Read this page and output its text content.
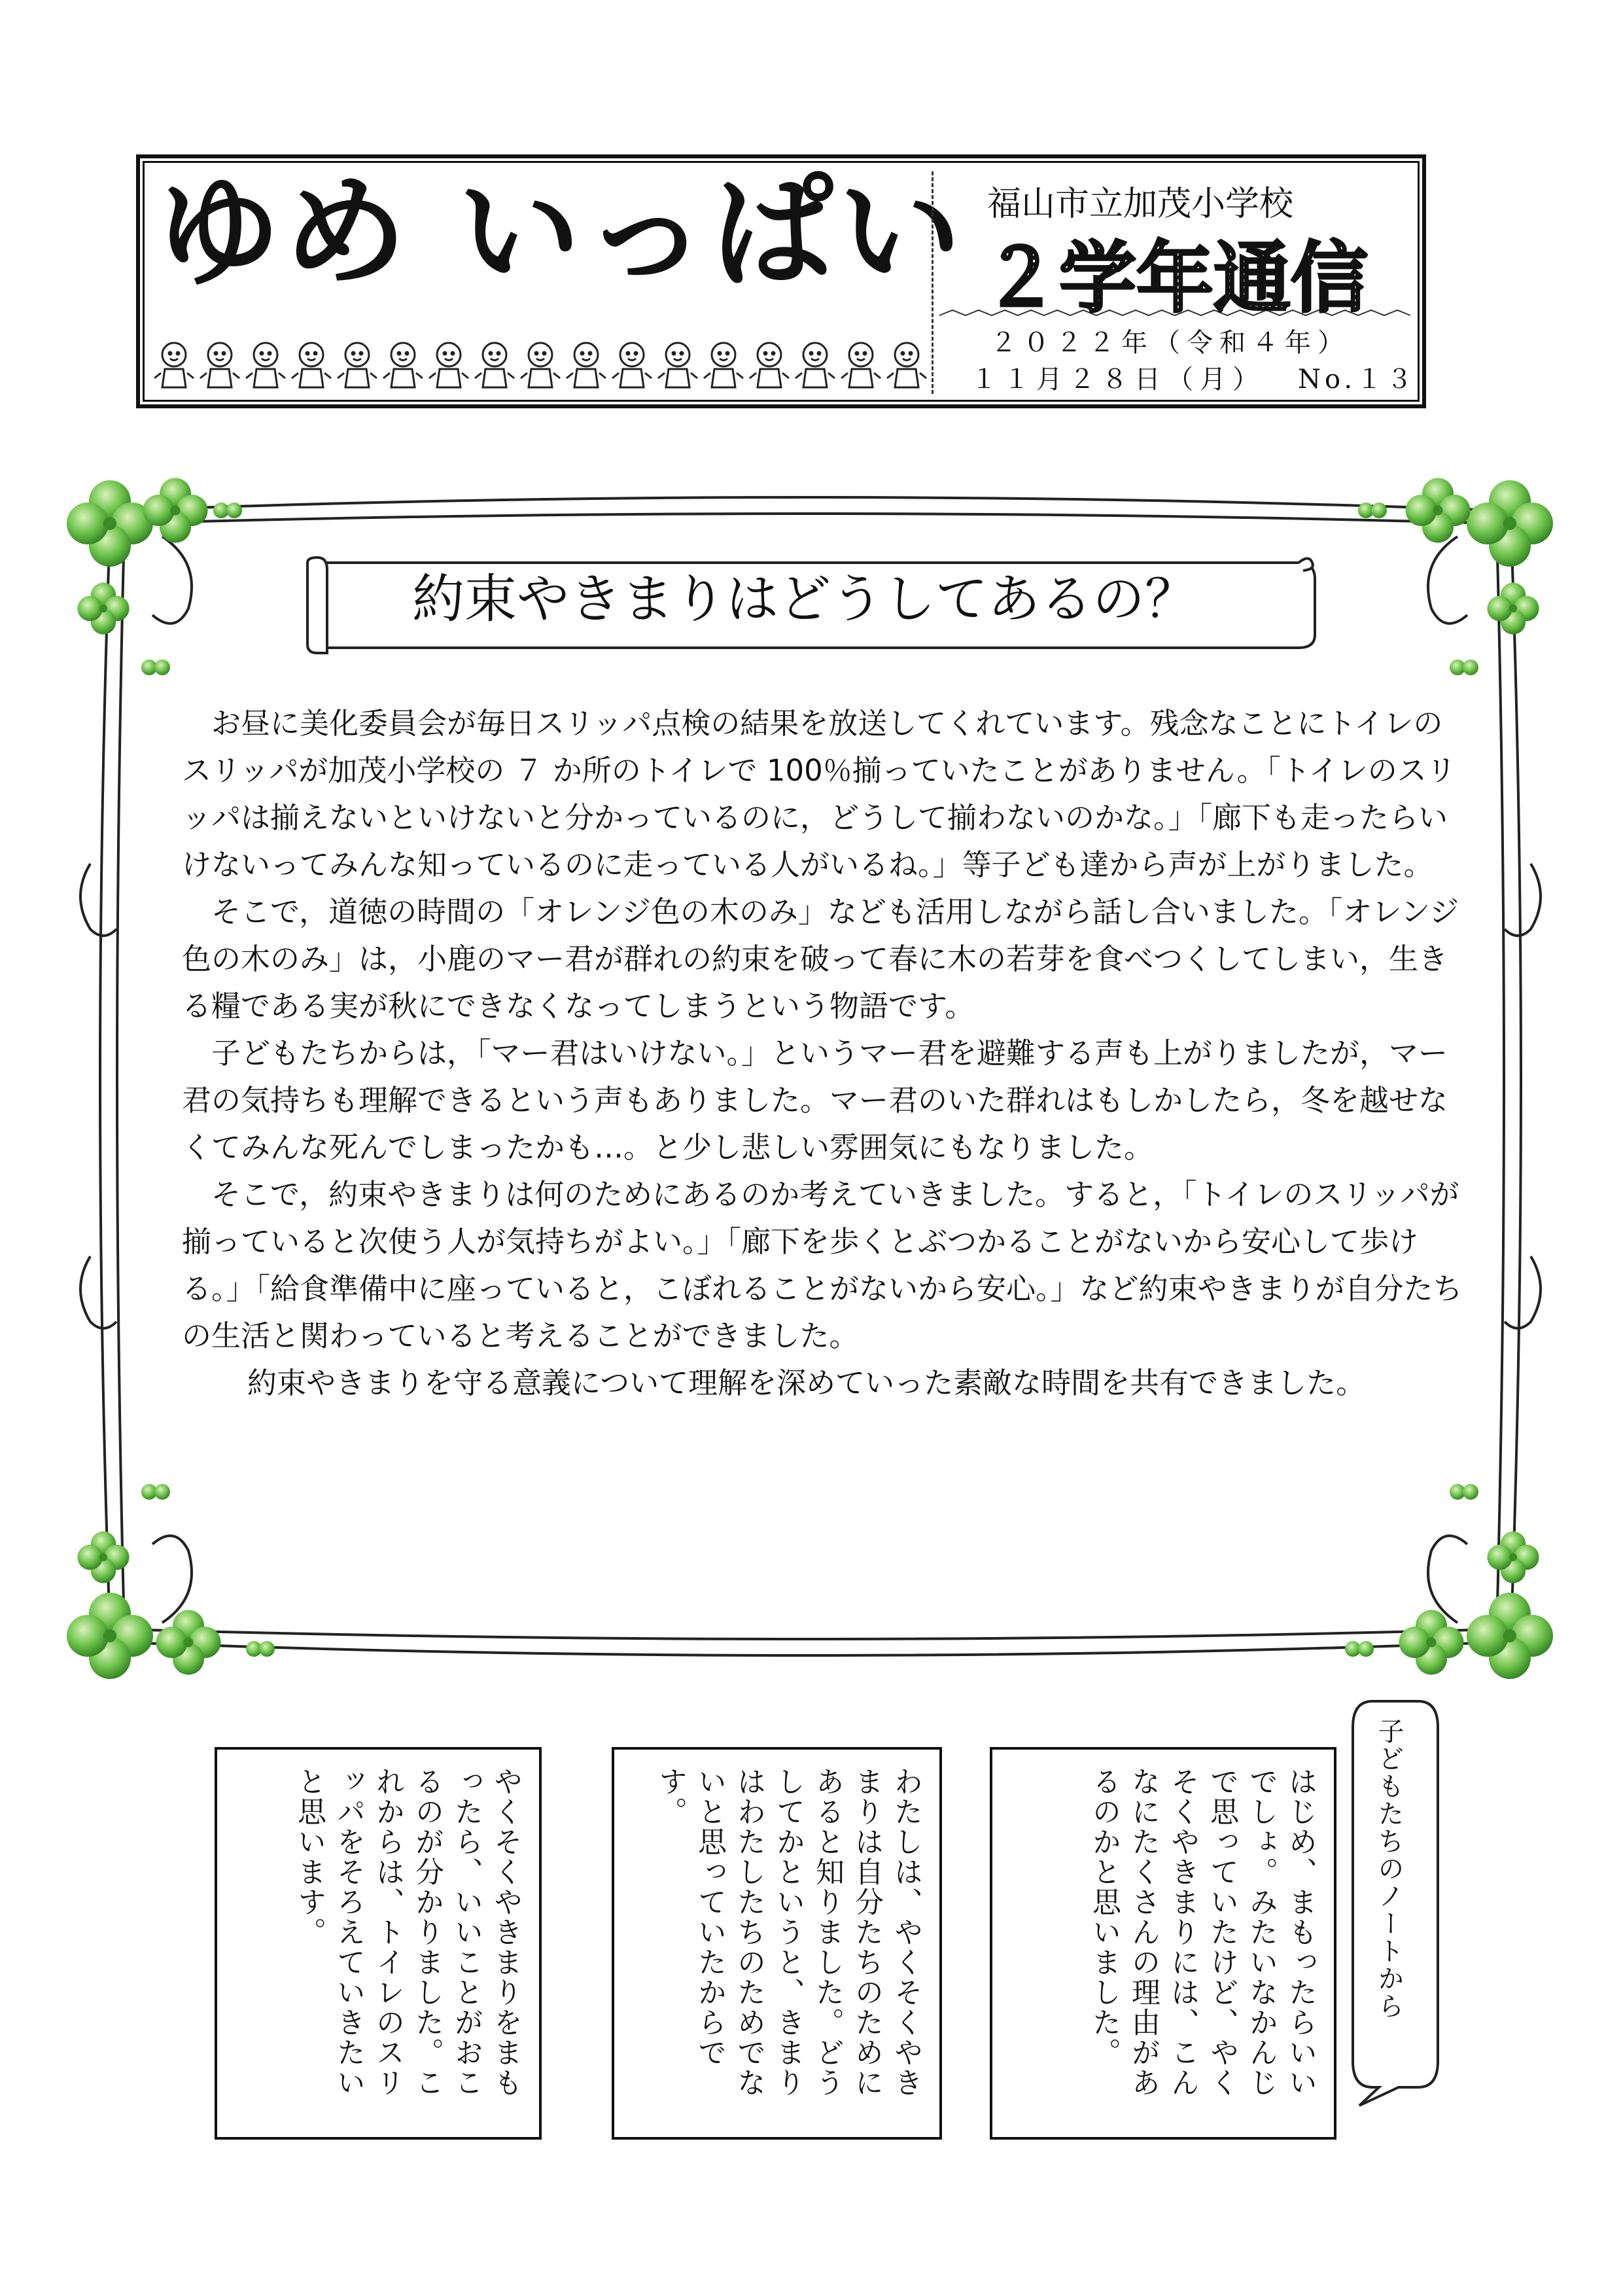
ゆめ いっぱい 福山市立加茂小学校
２学年通信
２０２２年（令和４年）
１１月２８日（月） No.１３
約束やきまりはどうしてあるの？

お昼に美化委員会が毎日スリッパ点検の結果を放送してくれています。残念なことにトイレのスリッパが加茂小学校の ７ か所のトイレで 100％揃っていたことがありません。「トイレのスリッパは揃えないといけないと分かっているのに，どうして揃わないのかな。」「廊下も走ったらいけないってみんな知っているのに走っている人がいるね。」等子ども達から声が上がりました。

そこで，道徳の時間の「オレンジ色の木のみ」なども活用しながら話し合いました。「オレンジ色の木のみ」は，小鹿のマー君が群れの約束を破って春に木の若芽を食べつくしてしまい，生きる糧である実が秋にできなくなってしまうという物語です。

子どもたちからは，「マー君はいけない。」というマー君を避難する声も上がりましたが，マー君の気持ちも理解できるという声もありました。マー君のいた群れはもしかしたら，冬を越せなくてみんな死んでしまったかも…。と少し悲しい雰囲気にもなりました。

そこで，約束やきまりは何のためにあるのか考えていきました。すると，「トイレのスリッパが揃っていると次使う人が気持ちがよい。」「廊下を歩くとぶつかることがないから安心して歩ける。」「給食準備中に座っていると，こぼれることがないから安心。」など約束やきまりが自分たちの生活と関わっていると考えることができました。

約束やきまりを守る意義について理解を深めていった素敵な時間を共有できました。

やくそくやきまりをまもったら、いいことがおこるのが分かりました。これからは、トイレのスリッパをそろえていきたいと思います。	わたしは、やくそくやきまりは自分たちのためにあると知りました。どうしてかというと、きまりはわたしたちのためでないと思っていたからです。	はじめ、まもったらいいでしょ。みたいなかんじで思っていたけど、やくそくやきまりには、こんなにたくさんの理由があるのかと思いました。	子どもたちのノートから
